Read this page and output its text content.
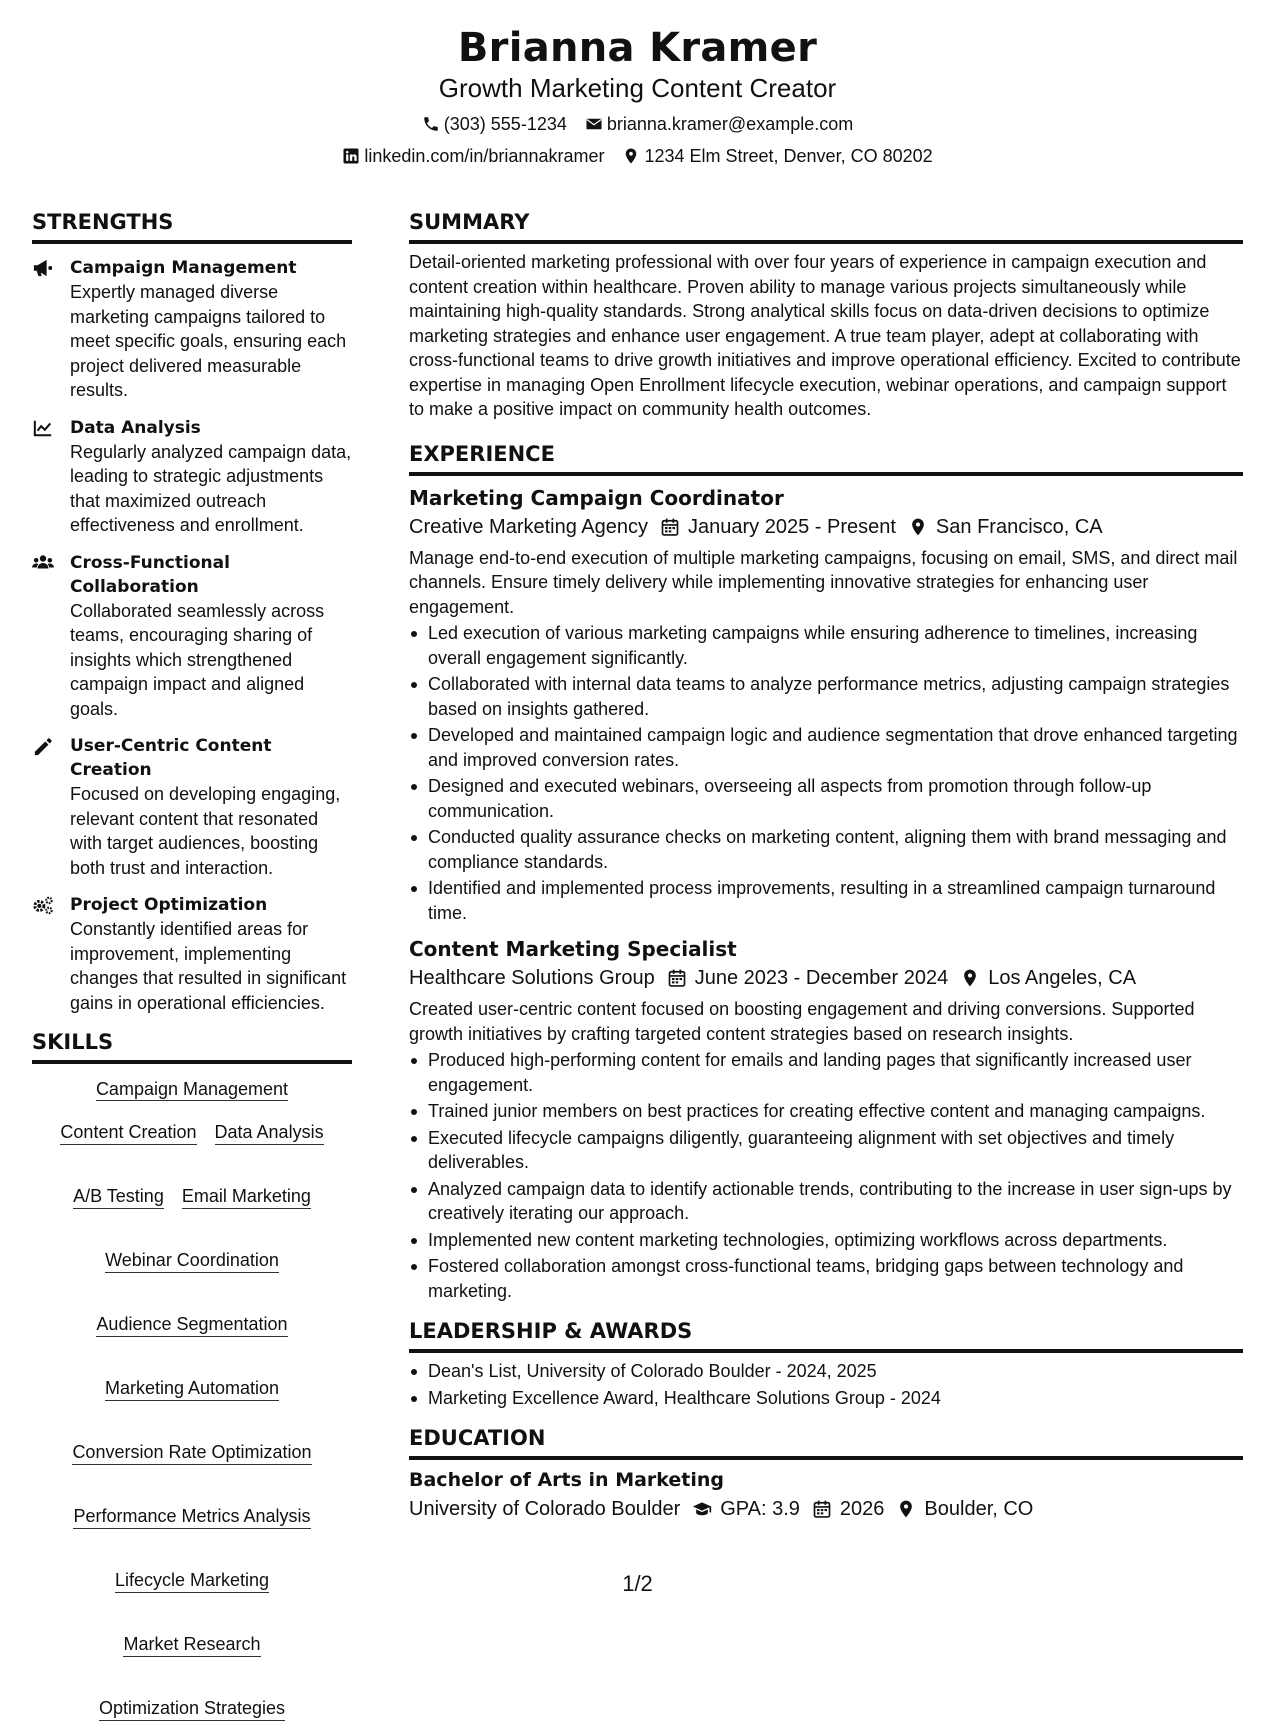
Brianna Kramer
Growth Marketing Content Creator
(303) 555-1234 brianna.kramer@example.com
linkedin.com/in/briannakramer 1234 Elm Street, Denver, CO 80202
STRENGTHS
Campaign Management
Expertly managed diverse marketing campaigns tailored to meet specific goals, ensuring each project delivered measurable results.
Data Analysis
Regularly analyzed campaign data, leading to strategic adjustments that maximized outreach effectiveness and enrollment.
Cross-Functional Collaboration
Collaborated seamlessly across teams, encouraging sharing of insights which strengthened campaign impact and aligned goals.
User-Centric Content Creation
Focused on developing engaging, relevant content that resonated with target audiences, boosting both trust and interaction.
Project Optimization
Constantly identified areas for improvement, implementing changes that resulted in significant gains in operational efficiencies.
SKILLS
Campaign Management
Content Creation Data Analysis
A/B Testing Email Marketing
Webinar Coordination
Audience Segmentation
Marketing Automation
Conversion Rate Optimization
Performance Metrics Analysis
Lifecycle Marketing
Market Research
Optimization Strategies
SUMMARY
Detail-oriented marketing professional with over four years of experience in campaign execution and content creation within healthcare. Proven ability to manage various projects simultaneously while maintaining high-quality standards. Strong analytical skills focus on data-driven decisions to optimize marketing strategies and enhance user engagement. A true team player, adept at collaborating with cross-functional teams to drive growth initiatives and improve operational efficiency. Excited to contribute expertise in managing Open Enrollment lifecycle execution, webinar operations, and campaign support to make a positive impact on community health outcomes.
EXPERIENCE
Marketing Campaign Coordinator
Creative Marketing Agency January 2025 - Present San Francisco, CA
Manage end-to-end execution of multiple marketing campaigns, focusing on email, SMS, and direct mail channels. Ensure timely delivery while implementing innovative strategies for enhancing user engagement.
Led execution of various marketing campaigns while ensuring adherence to timelines, increasing overall engagement significantly.
Collaborated with internal data teams to analyze performance metrics, adjusting campaign strategies based on insights gathered.
Developed and maintained campaign logic and audience segmentation that drove enhanced targeting and improved conversion rates.
Designed and executed webinars, overseeing all aspects from promotion through follow-up communication.
Conducted quality assurance checks on marketing content, aligning them with brand messaging and compliance standards.
Identified and implemented process improvements, resulting in a streamlined campaign turnaround time.
Content Marketing Specialist
Healthcare Solutions Group June 2023 - December 2024 Los Angeles, CA
Created user-centric content focused on boosting engagement and driving conversions. Supported growth initiatives by crafting targeted content strategies based on research insights.
Produced high-performing content for emails and landing pages that significantly increased user engagement.
Trained junior members on best practices for creating effective content and managing campaigns.
Executed lifecycle campaigns diligently, guaranteeing alignment with set objectives and timely deliverables.
Analyzed campaign data to identify actionable trends, contributing to the increase in user sign-ups by creatively iterating our approach.
Implemented new content marketing technologies, optimizing workflows across departments.
Fostered collaboration amongst cross-functional teams, bridging gaps between technology and marketing.
LEADERSHIP & AWARDS
Dean's List, University of Colorado Boulder - 2024, 2025
Marketing Excellence Award, Healthcare Solutions Group - 2024
EDUCATION
Bachelor of Arts in Marketing
University of Colorado Boulder GPA: 3.9 2026 Boulder, CO
1/2
